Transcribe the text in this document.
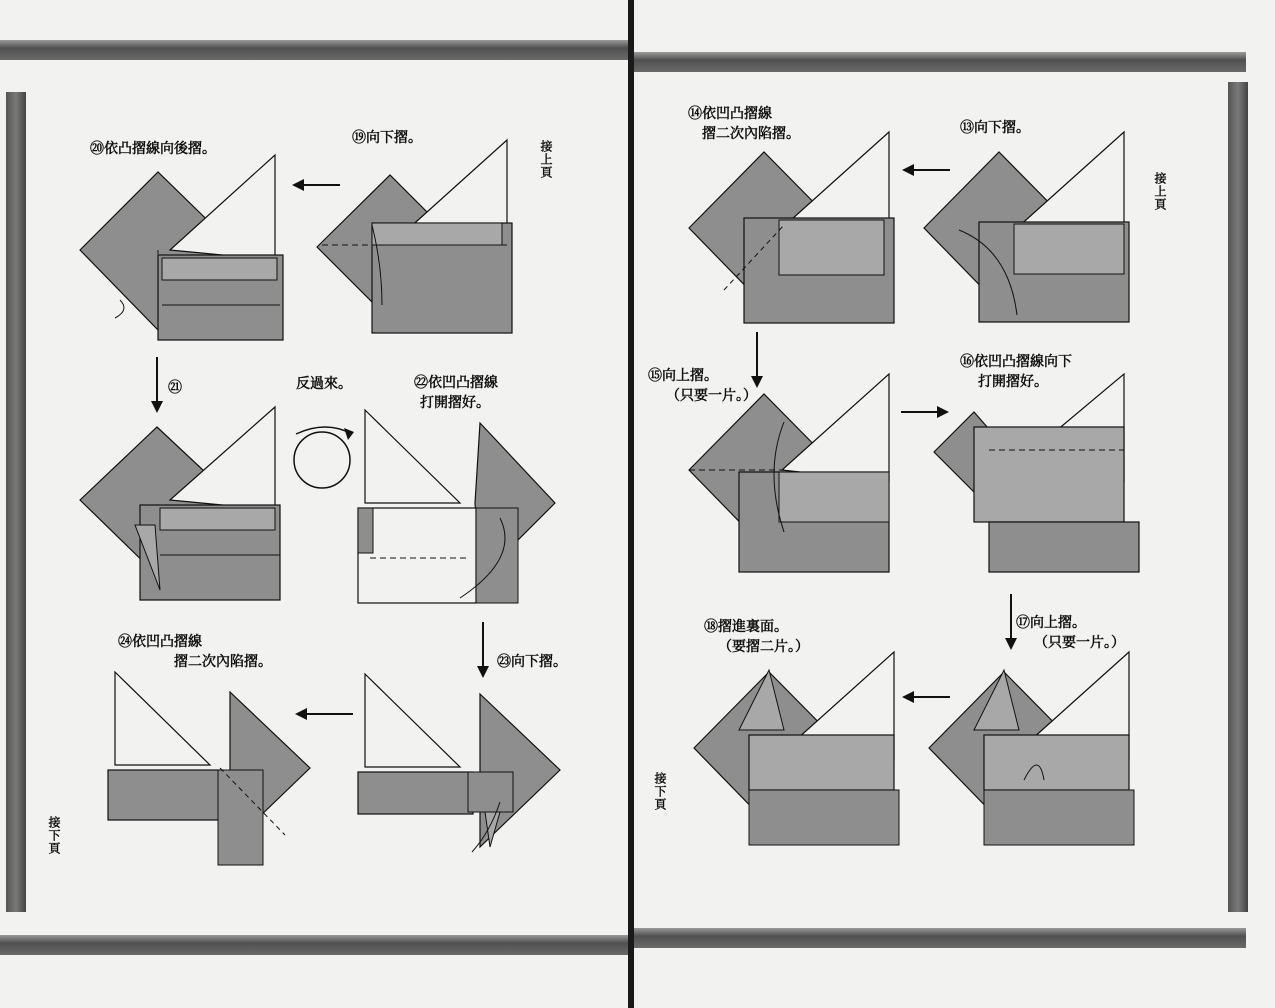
⑳依凸摺線向後摺。
⑲向下摺。
接上頁
㉑	反過來。	㉒依凹凸摺線
打開摺好。
㉔依凹凸摺線
摺二次內陷摺。	㉓向下摺。
接下頁
⑭依凹凸摺線
摺二次內陷摺。	⑬向下摺。
接上頁
⑮向上摺。
（只要一片。）
⑯依凹凸摺線向下
打開摺好。
⑱摺進裏面。
（要摺二片。）
⑰向上摺。
（只要一片。）
接下頁
